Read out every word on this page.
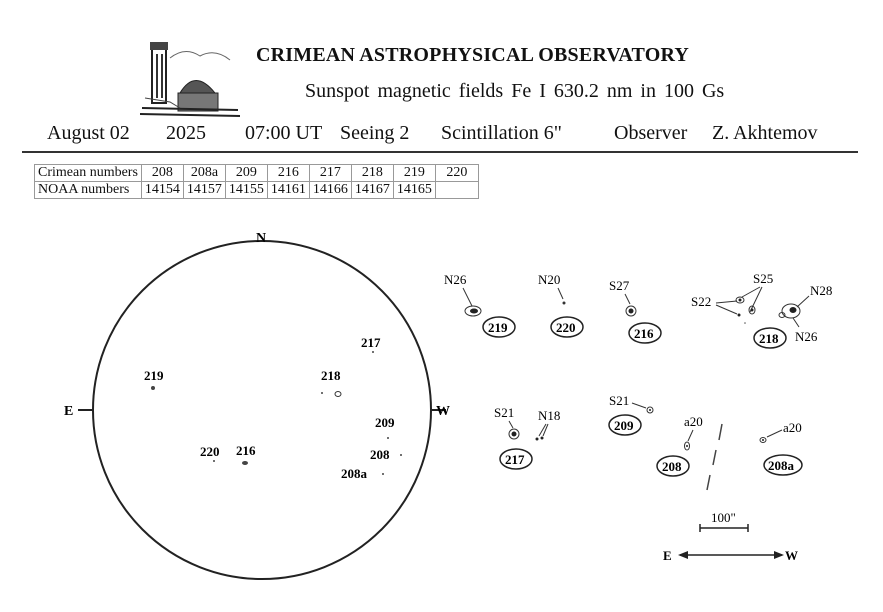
CRIMEAN ASTROPHYSICAL OBSERVATORY
Sunspot magnetic fields Fe I 630.2 nm in 100 Gs
August 02 2025 07:00 UT Seeing 2 Scintillation 6"	Observer Z. Akhtemov
Crimean numbers	208	208a	209	216	217	218	219	220
NOAA numbers	14154	14157	14155	14161	14166	14167	14165	
N
E	W
219	218
217
209
208
208a
220 216
N26
219
N20
220
S27
216
S25
S22
N28
N26
218
S21 N18
217
S21
209	a20
208
a20
208a
100"
E	W
